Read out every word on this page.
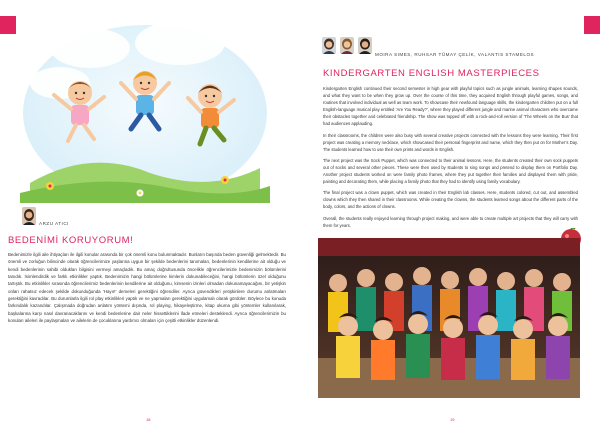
ARZU ATICI
BEDENİMİ KORUYORUM!
Bedenimizle ilgili aile ihtiyaçları ile ilgili konular arasında bir çok önemli konu bulunmaktadır. Bunların başında beden güvenliği gelmektedir. Bu önemli ve zorluğun bilincinde olarak öğrencilerimize yaşlarına uygun bir şekilde bedenlerini tanımaları, bedenlerinin kendilerine ait olduğu ve kendi bedenlerinin sahibi oldukları bilgisini vermeyi amaçladık. Bu amaç doğrultusunda öncelikle öğrencilerimizle bedenimizin bölümlerini tanıdık. İsimlendirdik ve farklı etkinlikler yaptık. Bedenimizin hangi bölümlerine kimlerin dokunabileceğini, hangi bölümlerin özel olduğunu tartıştık. Bu etkinlikler sırasında öğrencilerimiz bedenlerinin kendilerine ait olduğunu, kimsenin izinleri olmadan dokunamayacağını, bir yetişkin onları rahatsız edecek şekilde dokunduğunda ‘Hayır!’ demeleri gerektiğini öğrendiler. Ayrıca güvendikleri yetişkinlere durumu anlatmaları gerektiğini kavradılar. Bu durumlarla ilgili rol play etkinlikleri yaptık ve ne yapmaları gerektiğini uygulamalı olarak gördüler. Böylece bu konuda farkındalık kazandılar. Çalışmada doğrudan anlatım yöntemi dışında, rol playing, hikayeleştirme, kitap okuma gibi yöntemler kullanılarak, başkalarına karşı nasıl davranacaklarını ve kendi bedenlerine dair neler hissettiklerini ifade etmeleri desteklendi. Ayrıca öğrencilerimizin bu konuları aileleri ile paylaşmaları ve ailelerin de çocuklarına yardımcı olmaları için çeşitli etkinlikler düzenlendi.
18
MOIRA SIMES, RUHSAR TÜMAY ÇELİK, VALANTIS STAMELOS
KINDERGARTEN ENGLISH MASTERPIECES

Kindergarten English continued their second semester in high gear with playful topics such as jungle animals, learning shapes sounds, and what they want to be when they grow up. Over the course of this time, they acquired English through playful games, songs, and routines that involved individual as well as team work. To showcase their newfound language skills, the kindergarten children put on a full English-language musical play entitled ‘Are You Ready?’, where they played different jungle and marine animal characters who overcame their obstacles together and celebrated friendship. The show was topped off with a rock-and-roll version of ‘The Wheels on the Bus’ that had audiences applauding.

In their classrooms, the children were also busy with several creative projects connected with the lessons they were learning. Their first project was creating a memory necklace, which showcased their personal fingerprint and name, which they then put on for Mother’s Day. The students learned how to use their own prints and words in English.

The next project was the Sock Puppet, which was connected to their animal lessons. Here, the students created their own sock puppets out of socks and several other pieces. These were then used by students to sing songs and pretend to display them on Portfolio Day. Another project students worked on were family photo frames, where they put together their families and displayed them with pride, painting and decorating them, while placing a family photo that they had to identify using family vocabulary.

The final project was a clown puppet, which was created in their English lab classes. Here, students colored, cut out, and assembled clowns which they then shared in their classrooms. While creating the clowns, the students learned songs about the different parts of the body, colors, and the actions of clowns.

Overall, the students really enjoyed learning through project making, and were able to create multiple art projects that they will carry with them for years.

19
